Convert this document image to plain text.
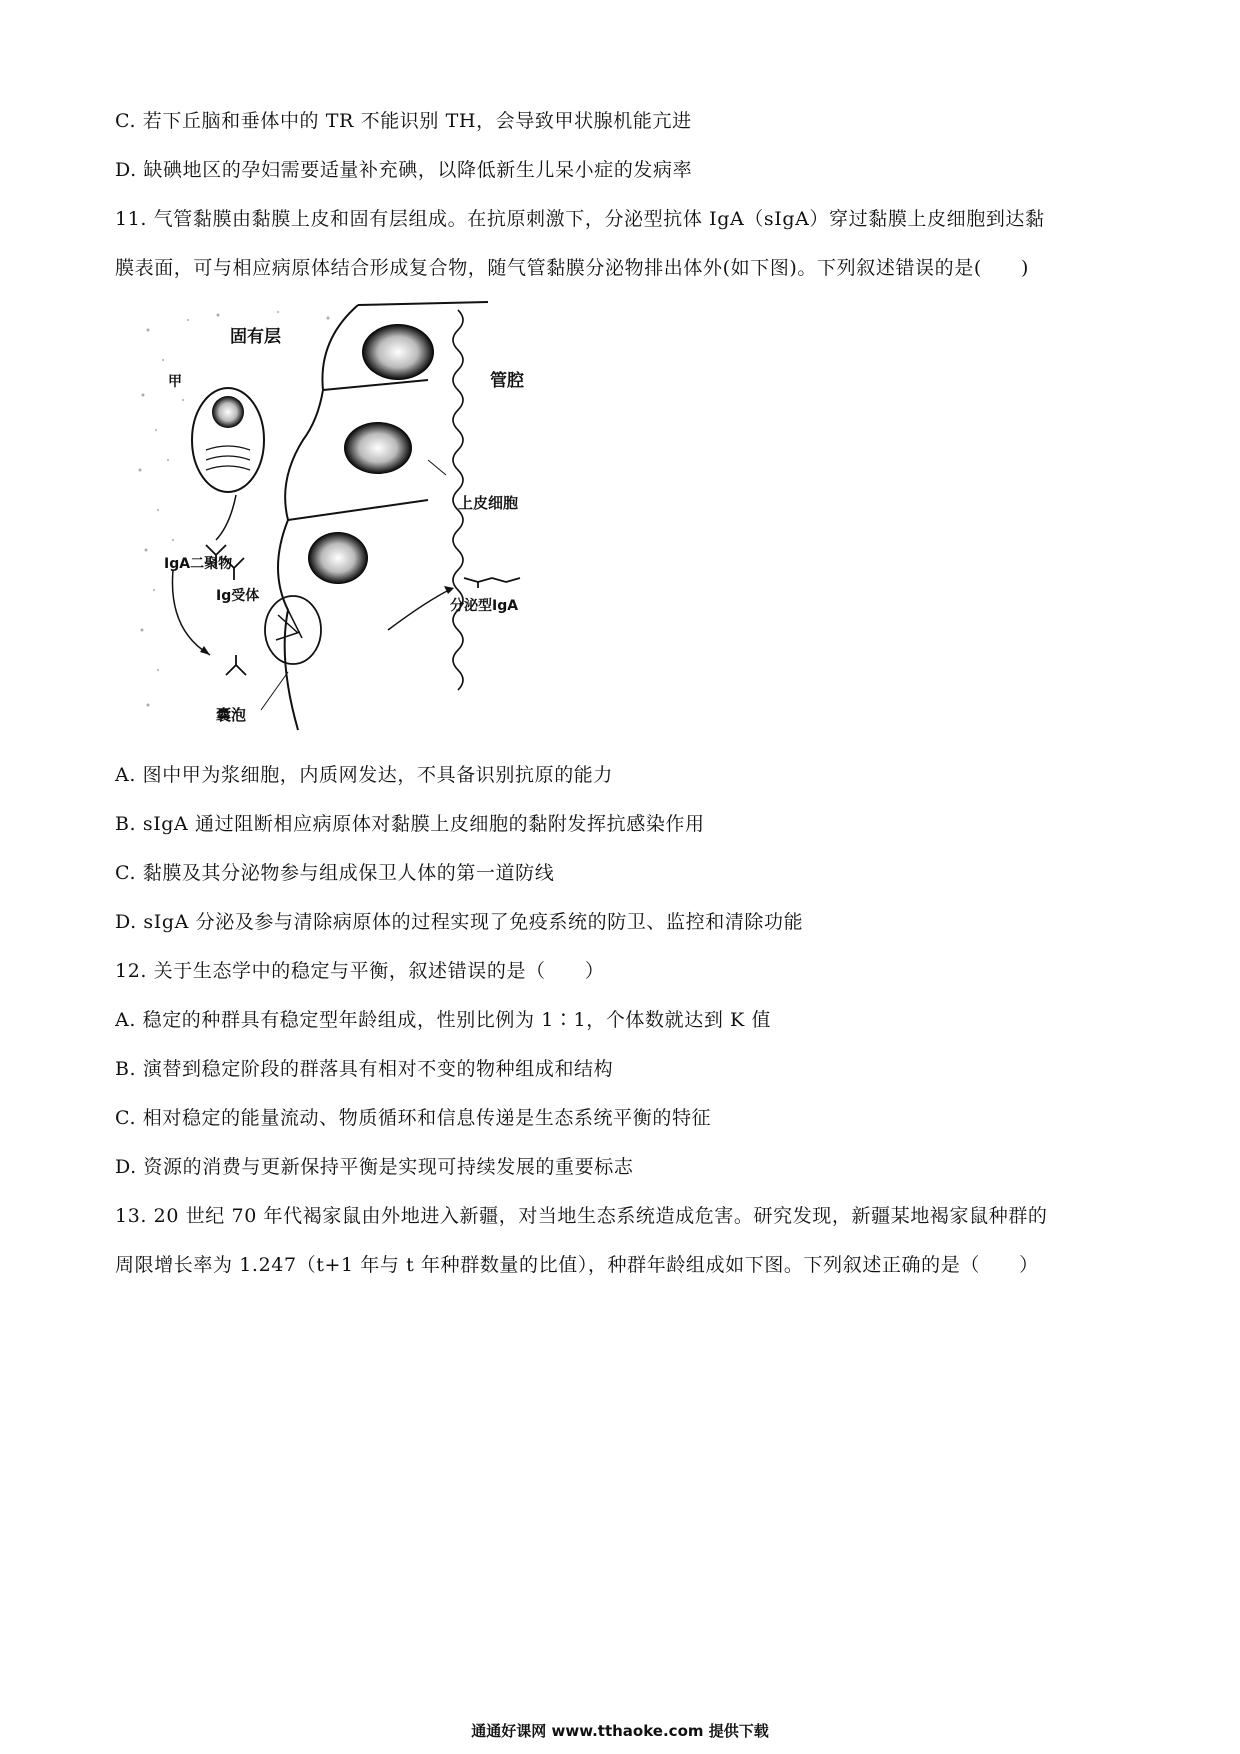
C. 若下丘脑和垂体中的 TR 不能识别 TH，会导致甲状腺机能亢进
D. 缺碘地区的孕妇需要适量补充碘，以降低新生儿呆小症的发病率
11. 气管黏膜由黏膜上皮和固有层组成。在抗原刺激下，分泌型抗体 IgA（sIgA）穿过黏膜上皮细胞到达黏
膜表面，可与相应病原体结合形成复合物，随气管黏膜分泌物排出体外(如下图)。下列叙述错误的是(　　)
固有层
管腔
甲
上皮细胞
IgA二聚物
Ig受体
囊泡
分泌型IgA
A. 图中甲为浆细胞，内质网发达，不具备识别抗原的能力
B. sIgA 通过阻断相应病原体对黏膜上皮细胞的黏附发挥抗感染作用
C. 黏膜及其分泌物参与组成保卫人体的第一道防线
D. sIgA 分泌及参与清除病原体的过程实现了免疫系统的防卫、监控和清除功能
12. 关于生态学中的稳定与平衡，叙述错误的是（　　）
A. 稳定的种群具有稳定型年龄组成，性别比例为 1∶1，个体数就达到 K 值
B. 演替到稳定阶段的群落具有相对不变的物种组成和结构
C. 相对稳定的能量流动、物质循环和信息传递是生态系统平衡的特征
D. 资源的消费与更新保持平衡是实现可持续发展的重要标志
13. 20 世纪 70 年代褐家鼠由外地进入新疆，对当地生态系统造成危害。研究发现，新疆某地褐家鼠种群的
周限增长率为 1.247（t+1 年与 t 年种群数量的比值），种群年龄组成如下图。下列叙述正确的是（　　）
通通好课网 www.tthaoke.com 提供下载
